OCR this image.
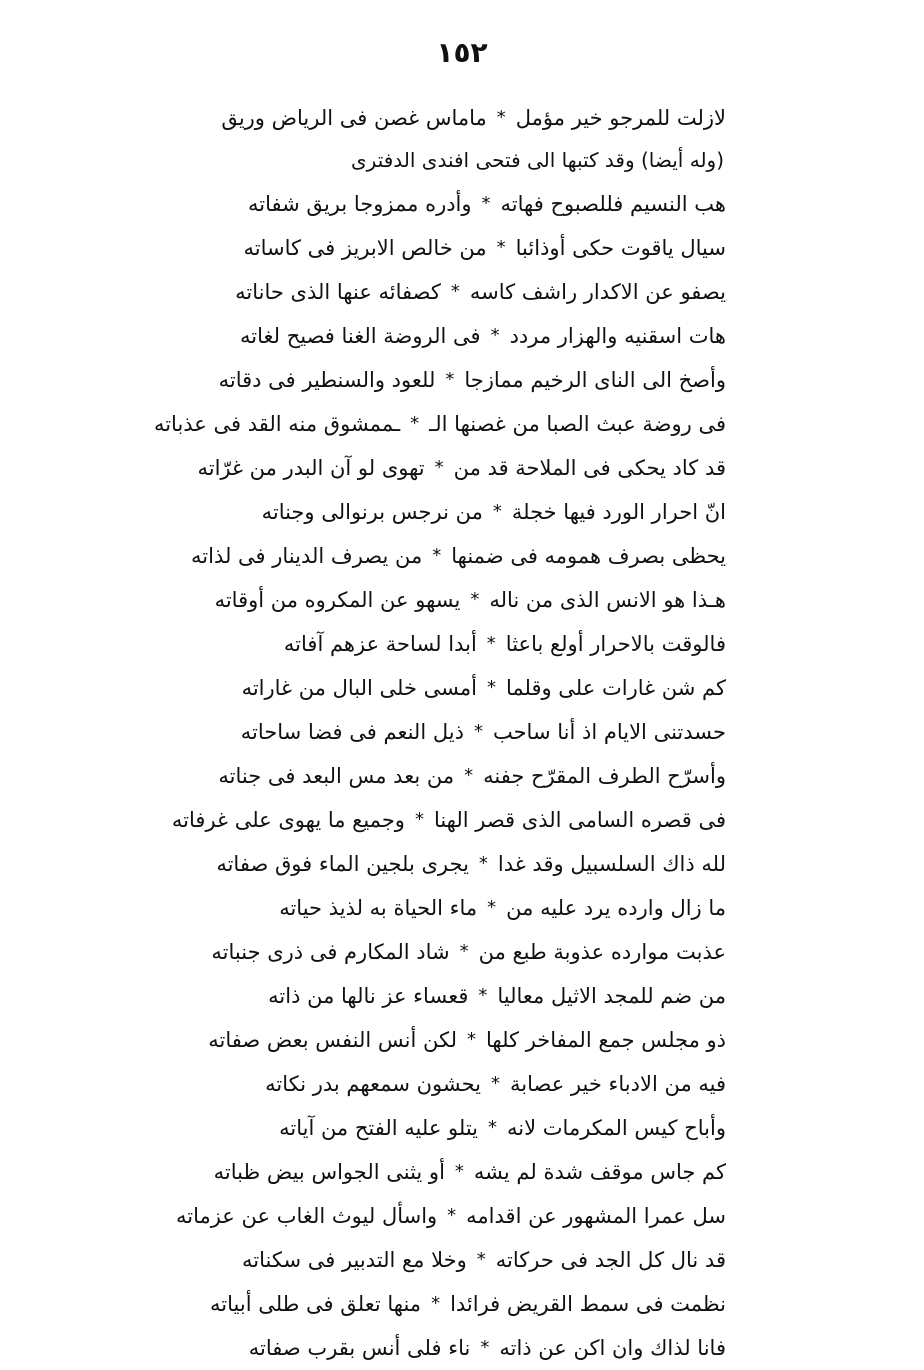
١٥٢
لازلت للمرجو خير مؤمل
*
ماماس غصن فى الرياض وريق
(وله أيضا) وقد كتبها الى فتحى افندى الدفترى
هب النسيم فللصبوح فهاته
*
وأدره ممزوجا بريق شفاته
سيال ياقوت حكى أوذائبا
*
من خالص الابريز فى كاساته
يصفو عن الاكدار راشف كاسه
*
كصفائه عنها الذى حاناته
هات اسقنيه والهزار مردد
*
فى الروضة الغنا فصيح لغاته
وأصخ الى الناى الرخيم ممازجا
*
للعود والسنطير فى دقاته
فى روضة عبث الصبا من غصنها الـ
*
ـممشوق منه القد فى عذباته
قد كاد يحكى فى الملاحة قد من
*
تهوى لو آن البدر من غرّاته
انّ احرار الورد فيها خجلة
*
من نرجس برنوالى وجناته
يحظى بصرف همومه فى ضمنها
*
من يصرف الدينار فى لذاته
هـذا هو الانس الذى من ناله
*
يسهو عن المكروه من أوقاته
فالوقت بالاحرار أولع باعثا
*
أبدا لساحة عزهم آفاته
كم شن غارات على وقلما
*
أمسى خلى البال من غاراته
حسدتنى الايام اذ أنا ساحب
*
ذيل النعم فى فضا ساحاته
وأسرّح الطرف المقرّح جفنه
*
من بعد مس البعد فى جناته
فى قصره السامى الذى قصر الهنا
*
وجميع ما يهوى على غرفاته
لله ذاك السلسبيل وقد غدا
*
يجرى بلجين الماء فوق صفاته
ما زال وارده يرد عليه من
*
ماء الحياة به لذيذ حياته
عذبت موارده عذوبة طبع من
*
شاد المكارم فى ذرى جنباته
من ضم للمجد الاثيل معاليا
*
قعساء عز نالها من ذاته
ذو مجلس جمع المفاخر كلها
*
لكن أنس النفس بعض صفاته
فيه من الادباء خير عصابة
*
يحشون سمعهم بدر نكاته
وأباح كيس المكرمات لانه
*
يتلو عليه الفتح من آياته
كم جاس موقف شدة لم يشه
*
أو يثنى الجواس بيض ظباته
سل عمرا المشهور عن اقدامه
*
واسأل ليوث الغاب عن عزماته
قد نال كل الجد فى حركاته
*
وخلا مع التدبير فى سكناته
نظمت فى سمط القريض فرائدا
*
منها تعلق فى طلى أبياته
فانا لذاك وان اكن عن ذاته
*
ناء فلى أنس بقرب صفاته
